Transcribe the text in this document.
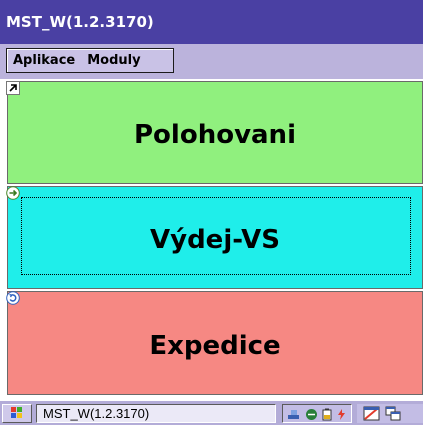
MST_W(1.2.3170)
Aplikace Moduly
Polohovani
Výdej-VS
Expedice
MST_W(1.2.3170)
